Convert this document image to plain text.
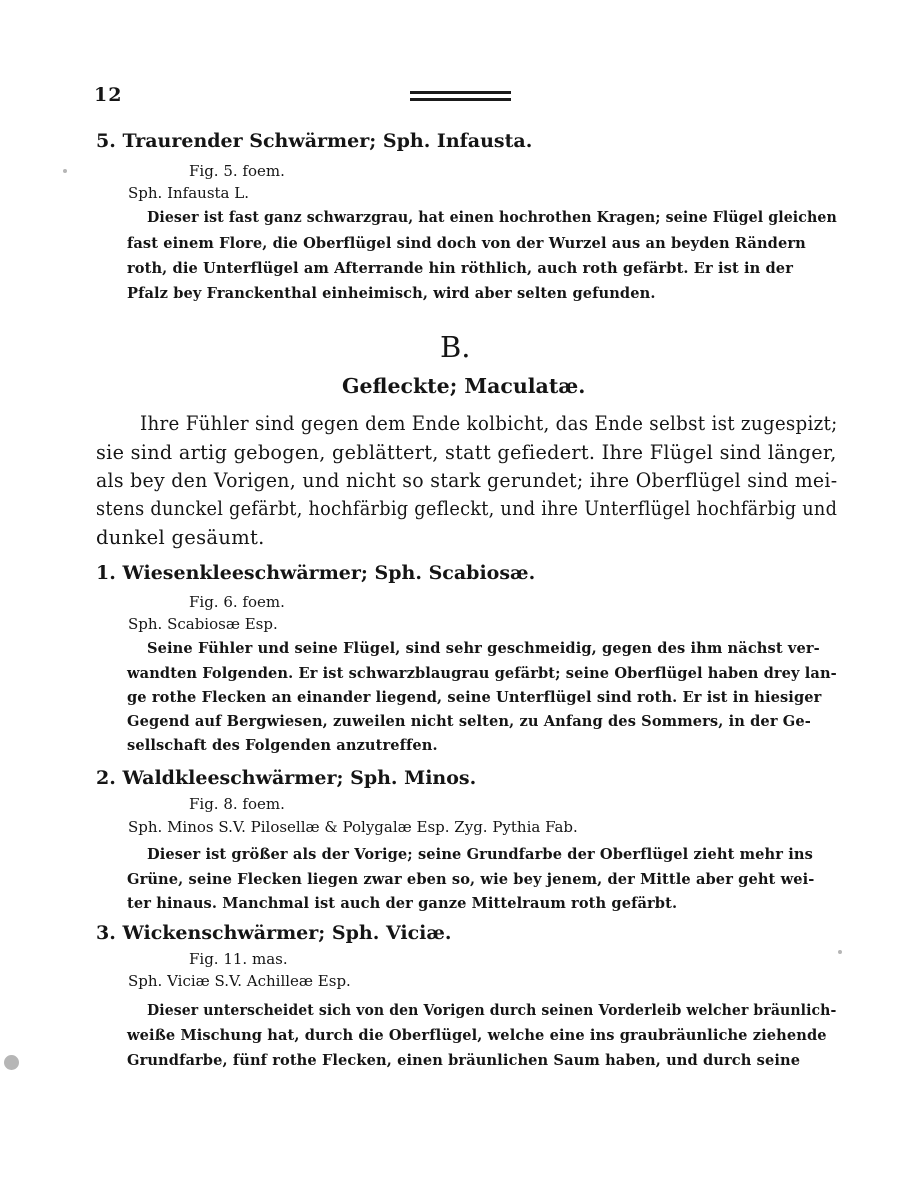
12
5. Traurender Schwärmer; Sph. Infausta.
Fig. 5. foem.
Sph. Infausta L.
Dieser ist fast ganz schwarzgrau, hat einen hochrothen Kragen; seine Flügel gleichen
fast einem Flore, die Oberflügel sind doch von der Wurzel aus an beyden Rändern
roth, die Unterflügel am Afterrande hin röthlich, auch roth gefärbt. Er ist in der
Pfalz bey Franckenthal einheimisch, wird aber selten gefunden.
B.
Gefleckte; Maculatæ.
Ihre Fühler sind gegen dem Ende kolbicht, das Ende selbst ist zugespizt;
sie sind artig gebogen, geblättert, statt gefiedert. Ihre Flügel sind länger,
als bey den Vorigen, und nicht so stark gerundet; ihre Oberflügel sind mei-
stens dunckel gefärbt, hochfärbig gefleckt, und ihre Unterflügel hochfärbig und
dunkel gesäumt.
1. Wiesenkleeschwärmer; Sph. Scabiosæ.
Fig. 6. foem.
Sph. Scabiosæ Esp.
Seine Fühler und seine Flügel, sind sehr geschmeidig, gegen des ihm nächst ver-
wandten Folgenden. Er ist schwarzblaugrau gefärbt; seine Oberflügel haben drey lan-
ge rothe Flecken an einander liegend, seine Unterflügel sind roth. Er ist in hiesiger
Gegend auf Bergwiesen, zuweilen nicht selten, zu Anfang des Sommers, in der Ge-
sellschaft des Folgenden anzutreffen.
2. Waldkleeschwärmer; Sph. Minos.
Fig. 8. foem.
Sph. Minos S.V. Pilosellæ & Polygalæ Esp. Zyg. Pythia Fab.
Dieser ist größer als der Vorige; seine Grundfarbe der Oberflügel zieht mehr ins
Grüne, seine Flecken liegen zwar eben so, wie bey jenem, der Mittle aber geht wei-
ter hinaus. Manchmal ist auch der ganze Mittelraum roth gefärbt.
3. Wickenschwärmer; Sph. Viciæ.
Fig. 11. mas.
Sph. Viciæ S.V. Achilleæ Esp.
Dieser unterscheidet sich von den Vorigen durch seinen Vorderleib welcher bräunlich-
weiße Mischung hat, durch die Oberflügel, welche eine ins graubräunliche ziehende
Grundfarbe, fünf rothe Flecken, einen bräunlichen Saum haben, und durch seine
